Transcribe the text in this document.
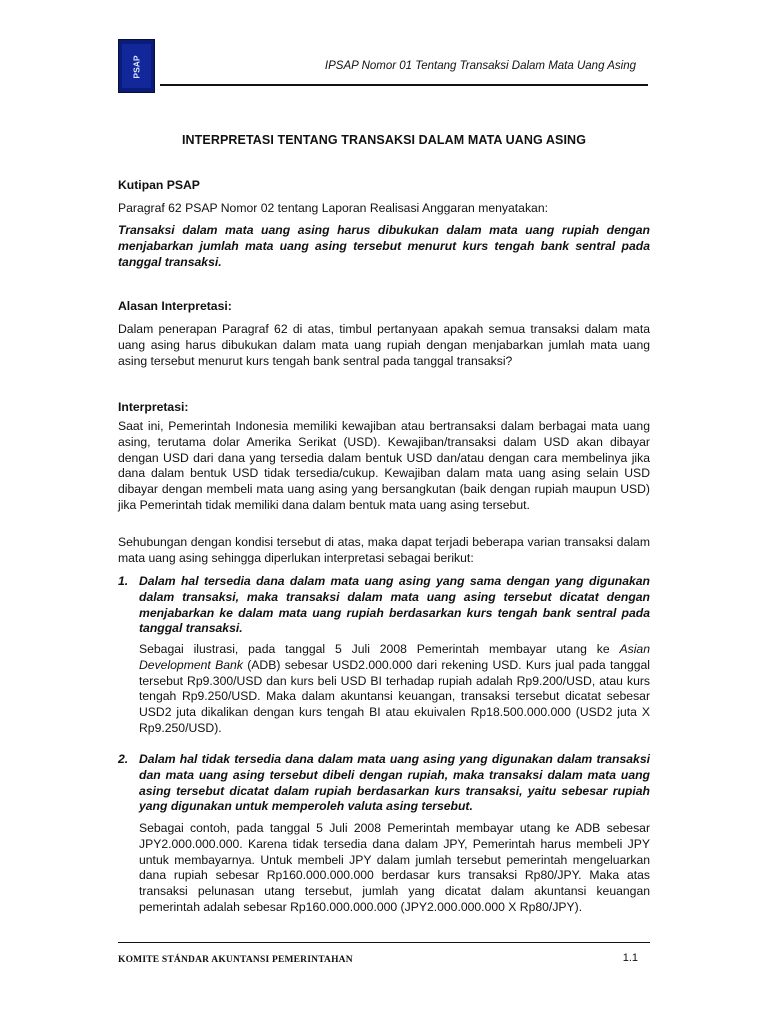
PSAP	IPSAP Nomor 01 Tentang Transaksi Dalam Mata Uang Asing
INTERPRETASI TENTANG TRANSAKSI DALAM MATA UANG ASING

Kutipan PSAP

Paragraf 62 PSAP Nomor 02 tentang Laporan Realisasi Anggaran menyatakan:

Transaksi dalam mata uang asing harus dibukukan dalam mata uang rupiah dengan menjabarkan jumlah mata uang asing tersebut menurut kurs tengah bank sentral pada tanggal transaksi.

Alasan Interpretasi:

Dalam penerapan Paragraf 62 di atas, timbul pertanyaan apakah semua transaksi dalam mata uang asing harus dibukukan dalam mata uang rupiah dengan menjabarkan jumlah mata uang asing tersebut menurut kurs tengah bank sentral pada tanggal transaksi?

Interpretasi:

Saat ini, Pemerintah Indonesia memiliki kewajiban atau bertransaksi dalam berbagai mata uang asing, terutama dolar Amerika Serikat (USD). Kewajiban/transaksi dalam USD akan dibayar dengan USD dari dana yang tersedia dalam bentuk USD dan/atau dengan cara membelinya jika dana dalam bentuk USD tidak tersedia/cukup. Kewajiban dalam mata uang asing selain USD dibayar dengan membeli mata uang asing yang bersangkutan (baik dengan rupiah maupun USD) jika Pemerintah tidak memiliki dana dalam bentuk mata uang asing tersebut.

Sehubungan dengan kondisi tersebut di atas, maka dapat terjadi beberapa varian transaksi dalam mata uang asing sehingga diperlukan interpretasi sebagai berikut:

1. Dalam hal tersedia dana dalam mata uang asing yang sama dengan yang digunakan dalam transaksi, maka transaksi dalam mata uang asing tersebut dicatat dengan menjabarkan ke dalam mata uang rupiah berdasarkan kurs tengah bank sentral pada tanggal transaksi.

Sebagai ilustrasi, pada tanggal 5 Juli 2008 Pemerintah membayar utang ke Asian Development Bank (ADB) sebesar USD2.000.000 dari rekening USD. Kurs jual pada tanggal tersebut Rp9.300/USD dan kurs beli USD BI terhadap rupiah adalah Rp9.200/USD, atau kurs tengah Rp9.250/USD. Maka dalam akuntansi keuangan, transaksi tersebut dicatat sebesar USD2 juta dikalikan dengan kurs tengah BI atau ekuivalen Rp18.500.000.000 (USD2 juta X Rp9.250/USD).

2. Dalam hal tidak tersedia dana dalam mata uang asing yang digunakan dalam transaksi dan mata uang asing tersebut dibeli dengan rupiah, maka transaksi dalam mata uang asing tersebut dicatat dalam rupiah berdasarkan kurs transaksi, yaitu sebesar rupiah yang digunakan untuk memperoleh valuta asing tersebut.

Sebagai contoh, pada tanggal 5 Juli 2008 Pemerintah membayar utang ke ADB sebesar JPY2.000.000.000. Karena tidak tersedia dana dalam JPY, Pemerintah harus membeli JPY untuk membayarnya. Untuk membeli JPY dalam jumlah tersebut pemerintah mengeluarkan dana rupiah sebesar Rp160.000.000.000 berdasar kurs transaksi Rp80/JPY. Maka atas transaksi pelunasan utang tersebut, jumlah yang dicatat dalam akuntansi keuangan pemerintah adalah sebesar Rp160.000.000.000 (JPY2.000.000.000 X Rp80/JPY).

KOMITE STÁNDAR AKUNTANSI PEMERINTAHAN	1.1
